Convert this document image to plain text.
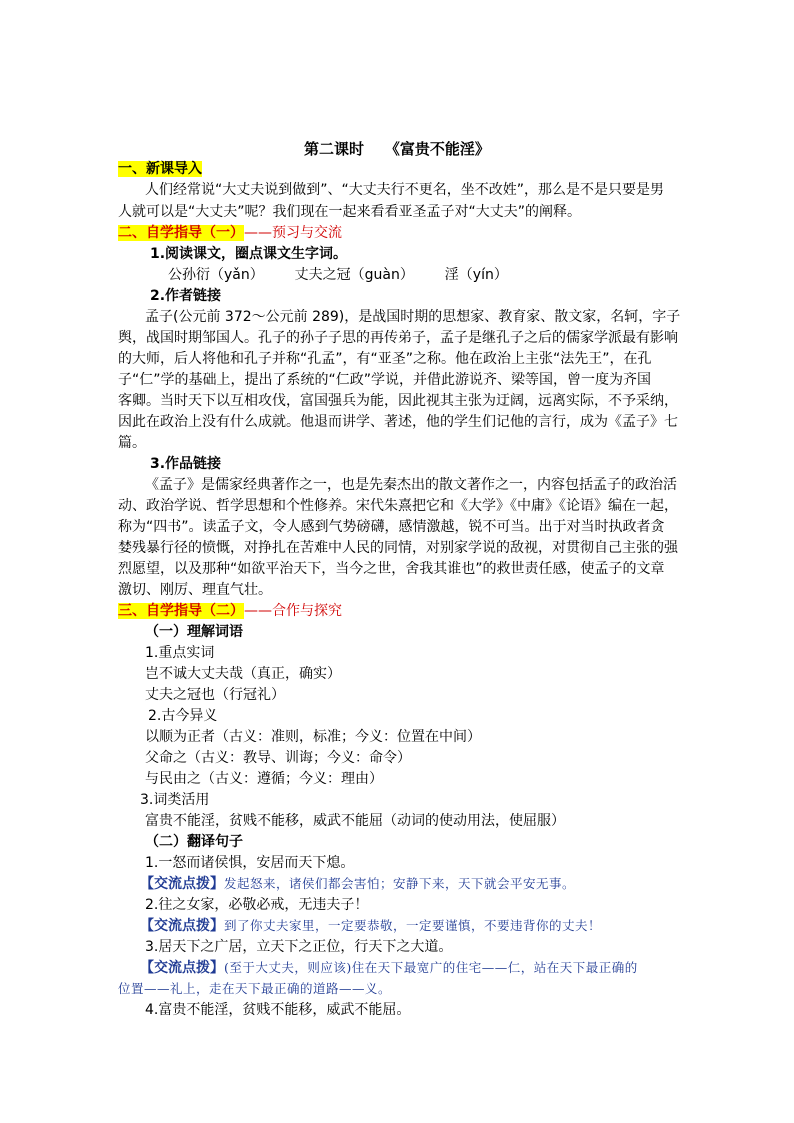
第二课时    《富贵不能淫》
一、新课导入
人们经常说“大丈夫说到做到”、“大丈夫行不更名，坐不改姓”，那么是不是只要是男
人就可以是“大丈夫”呢？我们现在一起来看看亚圣孟子对“大丈夫”的阐释。
二、自学指导（一）——预习与交流
1.阅读课文，圈点课文生字词。
公孙衍（yǎn） 丈夫之冠（guàn） 淫（yín）
2.作者链接
孟子(公元前 372～公元前 289)，是战国时期的思想家、教育家、散文家，名轲，字子
舆，战国时期邹国人。孔子的孙子子思的再传弟子，孟子是继孔子之后的儒家学派最有影响
的大师，后人将他和孔子并称“孔孟”，有“亚圣”之称。他在政治上主张“法先王”，在孔
子“仁”学的基础上，提出了系统的“仁政”学说，并借此游说齐、梁等国，曾一度为齐国
客卿。当时天下以互相攻伐，富国强兵为能，因此视其主张为迂阔，远离实际，不予采纳，
因此在政治上没有什么成就。他退而讲学、著述，他的学生们记他的言行，成为《孟子》七
篇。
3.作品链接
《孟子》是儒家经典著作之一，也是先秦杰出的散文著作之一，内容包括孟子的政治活
动、政治学说、哲学思想和个性修养。宋代朱熹把它和《大学》《中庸》《论语》编在一起，
称为“四书”。读孟子文，令人感到气势磅礴，感情激越，锐不可当。出于对当时执政者贪
婪残暴行径的愤慨，对挣扎在苦难中人民的同情，对别家学说的敌视，对贯彻自己主张的强
烈愿望，以及那种“如欲平治天下，当今之世，舍我其谁也”的救世责任感，使孟子的文章
激切、刚厉、理直气壮。
三、自学指导（二）——合作与探究
（一）理解词语
1.重点实词
岂不诚大丈夫哉（真正，确实）
丈夫之冠也（行冠礼）
2.古今异义
以顺为正者（古义：准则，标准；今义：位置在中间）
父命之（古义：教导、训诲；今义：命令）
与民由之（古义：遵循；今义：理由）
3.词类活用
富贵不能淫，贫贱不能移，威武不能屈（动词的使动用法，使屈服）
（二）翻译句子
1.一怒而诸侯惧，安居而天下熄。
【交流点拨】发起怒来，诸侯们都会害怕；安静下来，天下就会平安无事。
2.往之女家，必敬必戒，无违夫子！
【交流点拨】到了你丈夫家里，一定要恭敬，一定要谨慎，不要违背你的丈夫！
3.居天下之广居，立天下之正位，行天下之大道。
【交流点拨】(至于大丈夫，则应该)住在天下最宽广的住宅——仁，站在天下最正确的
位置——礼上，走在天下最正确的道路——义。
4.富贵不能淫，贫贱不能移，威武不能屈。
